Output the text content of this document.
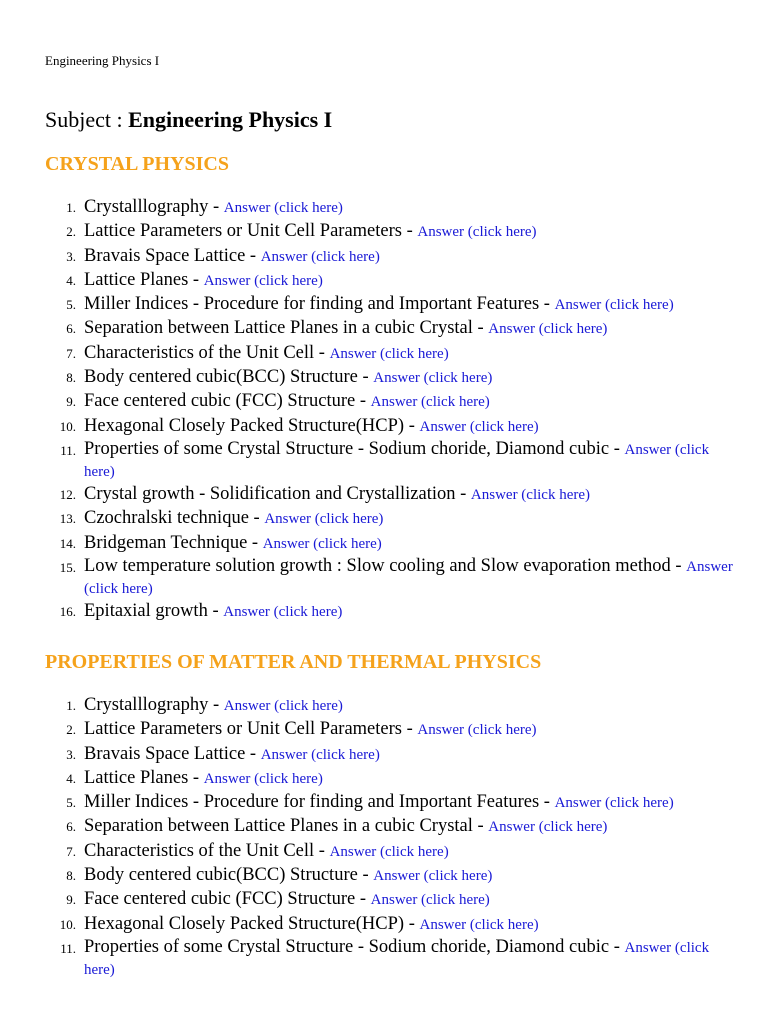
Engineering Physics I
Subject : Engineering Physics I
CRYSTAL PHYSICS
1. Crystalllography - Answer (click here)
2. Lattice Parameters or Unit Cell Parameters - Answer (click here)
3. Bravais Space Lattice - Answer (click here)
4. Lattice Planes - Answer (click here)
5. Miller Indices - Procedure for finding and Important Features - Answer (click here)
6. Separation between Lattice Planes in a cubic Crystal - Answer (click here)
7. Characteristics of the Unit Cell - Answer (click here)
8. Body centered cubic(BCC) Structure - Answer (click here)
9. Face centered cubic (FCC) Structure - Answer (click here)
10. Hexagonal Closely Packed Structure(HCP) - Answer (click here)
11. Properties of some Crystal Structure - Sodium choride, Diamond cubic - Answer (click here)
12. Crystal growth - Solidification and Crystallization - Answer (click here)
13. Czochralski technique - Answer (click here)
14. Bridgeman Technique - Answer (click here)
15. Low temperature solution growth : Slow cooling and Slow evaporation method - Answer (click here)
16. Epitaxial growth - Answer (click here)
PROPERTIES OF MATTER AND THERMAL PHYSICS
1. Crystalllography - Answer (click here)
2. Lattice Parameters or Unit Cell Parameters - Answer (click here)
3. Bravais Space Lattice - Answer (click here)
4. Lattice Planes - Answer (click here)
5. Miller Indices - Procedure for finding and Important Features - Answer (click here)
6. Separation between Lattice Planes in a cubic Crystal - Answer (click here)
7. Characteristics of the Unit Cell - Answer (click here)
8. Body centered cubic(BCC) Structure - Answer (click here)
9. Face centered cubic (FCC) Structure - Answer (click here)
10. Hexagonal Closely Packed Structure(HCP) - Answer (click here)
11. Properties of some Crystal Structure - Sodium choride, Diamond cubic - Answer (click here)
